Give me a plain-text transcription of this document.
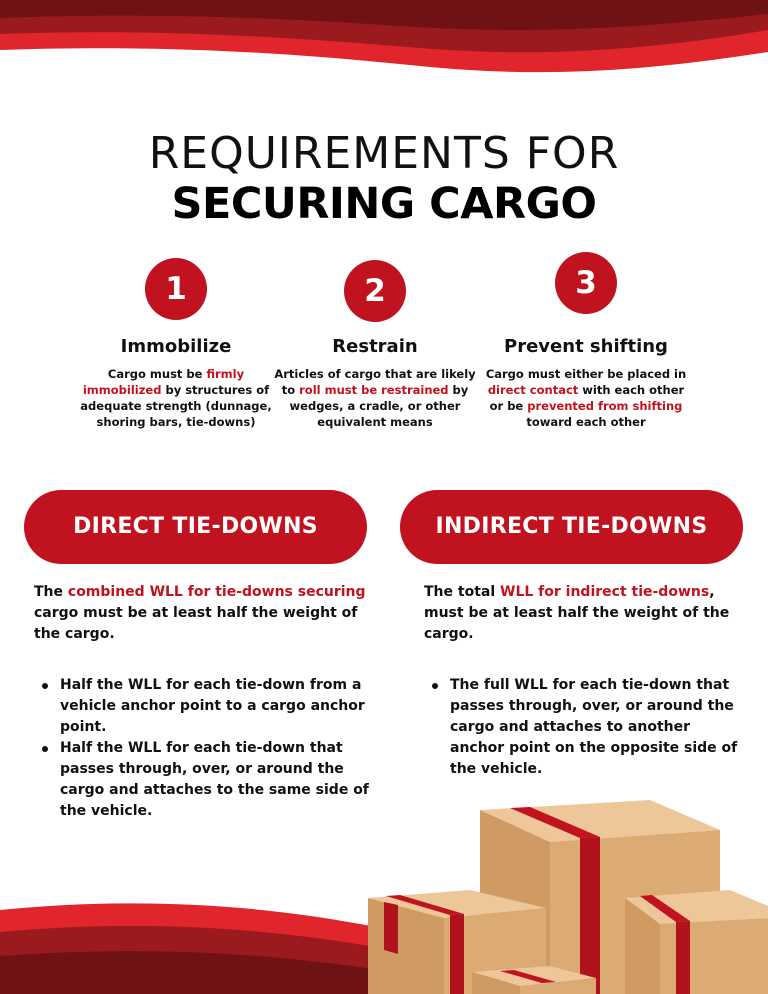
REQUIREMENTS FOR
SECURING CARGO
1
Immobilize
Cargo must be firmly immobilized by structures of adequate strength (dunnage, shoring bars, tie-downs)
2
Restrain
Articles of cargo that are likely to roll must be restrained by wedges, a cradle, or other equivalent means
3
Prevent shifting
Cargo must either be placed in direct contact with each other or be prevented from shifting toward each other
DIRECT TIE-DOWNS	INDIRECT TIE-DOWNS

The combined WLL for tie-downs securing cargo must be at least half the weight of the cargo.

Half the WLL for each tie-down from a vehicle anchor point to a cargo anchor point.
Half the WLL for each tie-down that passes through, over, or around the cargo and attaches to the same side of the vehicle.

The total WLL for indirect tie-downs, must be at least half the weight of the cargo.

The full WLL for each tie-down that passes through, over, or around the cargo and attaches to another anchor point on the opposite side of the vehicle.
